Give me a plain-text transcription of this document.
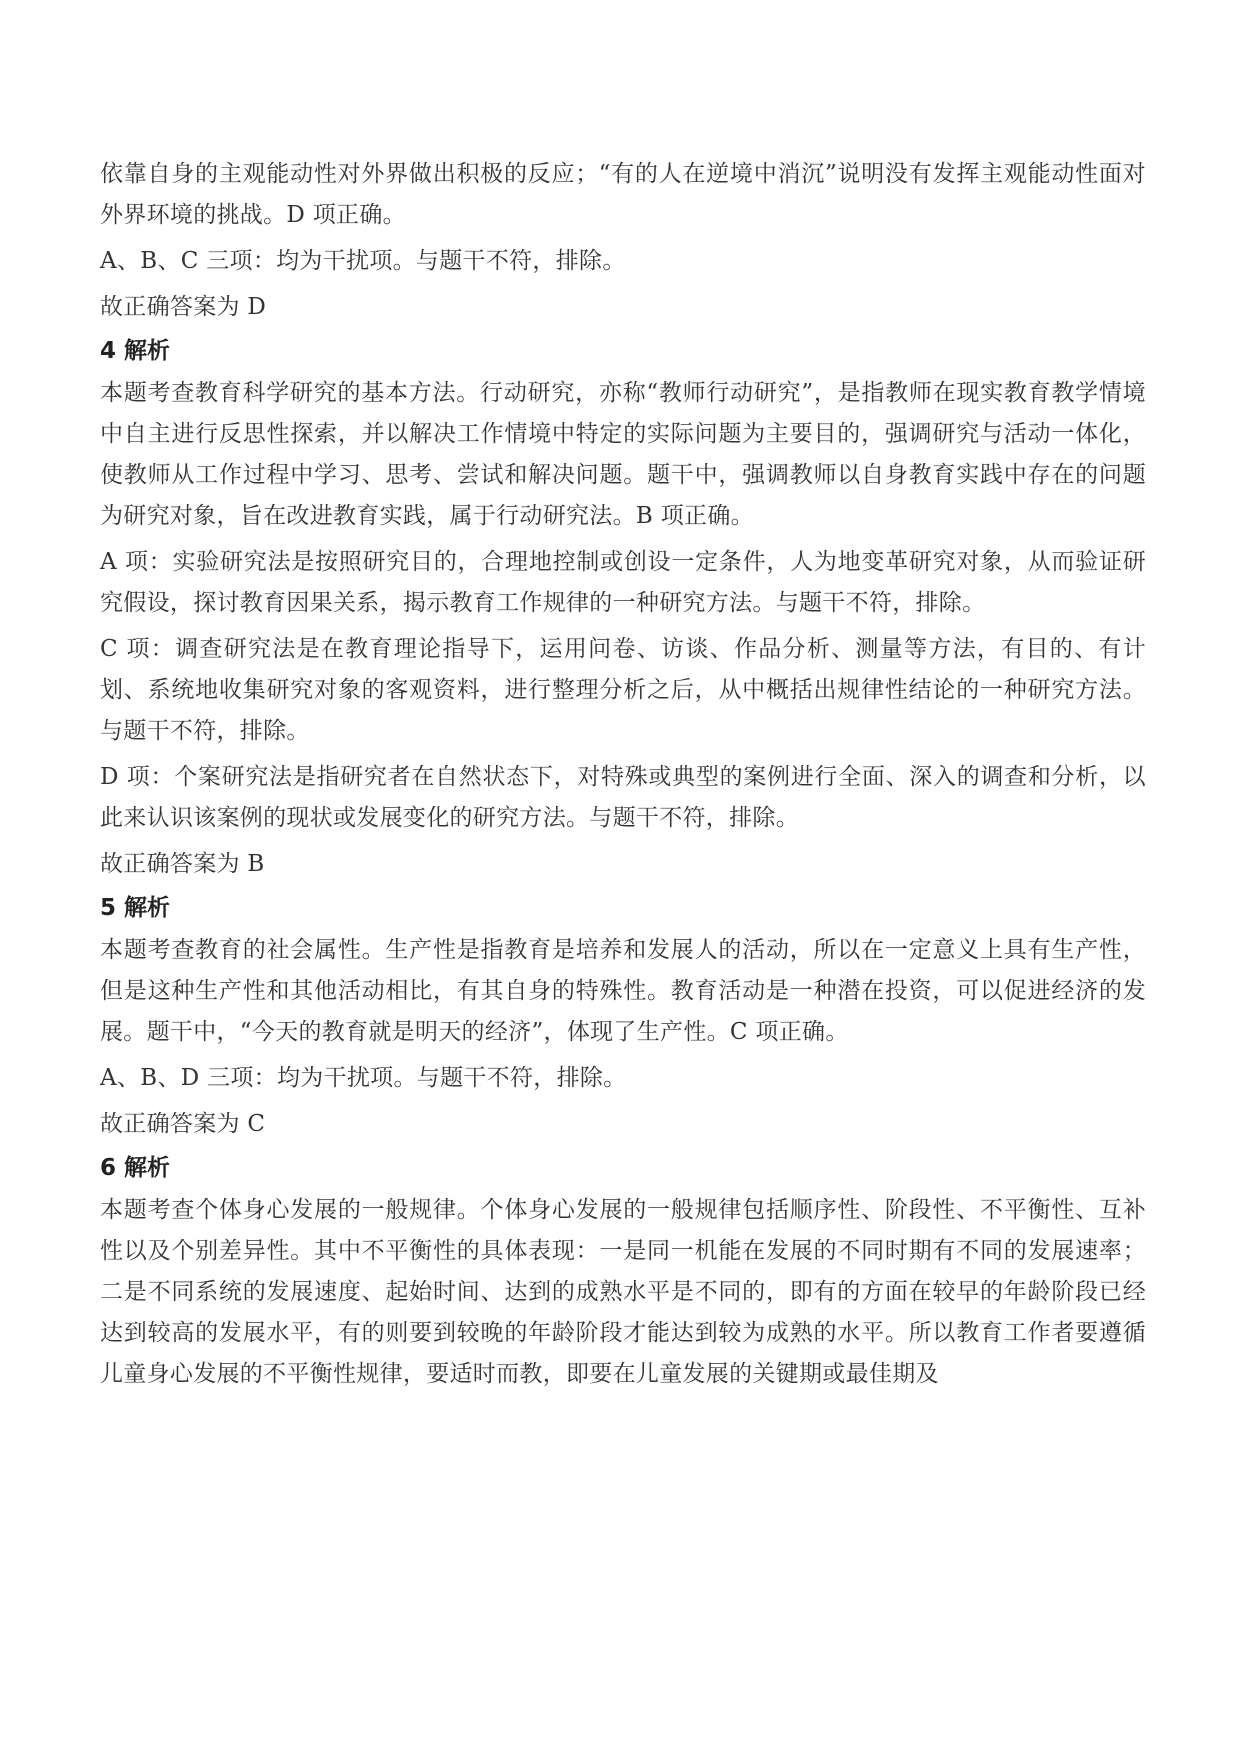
依靠自身的主观能动性对外界做出积极的反应；“有的人在逆境中消沉”说明没有发挥主观能动性面对外界环境的挑战。D 项正确。

A、B、C 三项：均为干扰项。与题干不符，排除。

故正确答案为 D

4 解析

本题考查教育科学研究的基本方法。行动研究，亦称“教师行动研究”，是指教师在现实教育教学情境中自主进行反思性探索，并以解决工作情境中特定的实际问题为主要目的，强调研究与活动一体化，使教师从工作过程中学习、思考、尝试和解决问题。题干中，强调教师以自身教育实践中存在的问题为研究对象，旨在改进教育实践，属于行动研究法。B 项正确。

A 项：实验研究法是按照研究目的，合理地控制或创设一定条件，人为地变革研究对象，从而验证研究假设，探讨教育因果关系，揭示教育工作规律的一种研究方法。与题干不符，排除。

C 项：调查研究法是在教育理论指导下，运用问卷、访谈、作品分析、测量等方法，有目的、有计划、系统地收集研究对象的客观资料，进行整理分析之后，从中概括出规律性结论的一种研究方法。与题干不符，排除。

D 项：个案研究法是指研究者在自然状态下，对特殊或典型的案例进行全面、深入的调查和分析，以此来认识该案例的现状或发展变化的研究方法。与题干不符，排除。

故正确答案为 B

5 解析

本题考查教育的社会属性。生产性是指教育是培养和发展人的活动，所以在一定意义上具有生产性，但是这种生产性和其他活动相比，有其自身的特殊性。教育活动是一种潜在投资，可以促进经济的发展。题干中，“今天的教育就是明天的经济”，体现了生产性。C 项正确。

A、B、D 三项：均为干扰项。与题干不符，排除。

故正确答案为 C

6 解析

本题考查个体身心发展的一般规律。个体身心发展的一般规律包括顺序性、阶段性、不平衡性、互补性以及个别差异性。其中不平衡性的具体表现：一是同一机能在发展的不同时期有不同的发展速率；二是不同系统的发展速度、起始时间、达到的成熟水平是不同的，即有的方面在较早的年龄阶段已经达到较高的发展水平，有的则要到较晚的年龄阶段才能达到较为成熟的水平。所以教育工作者要遵循儿童身心发展的不平衡性规律，要适时而教，即要在儿童发展的关键期或最佳期及
